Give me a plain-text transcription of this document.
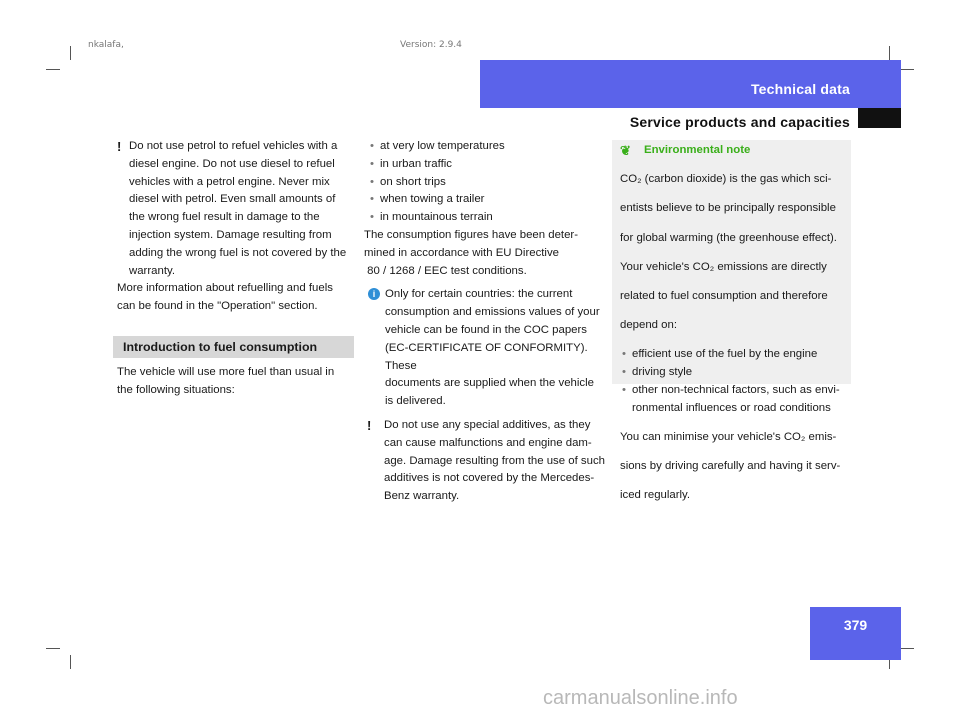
nkalafa,	Version: 2.9.4
Technical data
Service products and capacities
! Do not use petrol to refuel vehicles with a

diesel engine. Do not use diesel to refuel

vehicles with a petrol engine. Never mix

diesel with petrol. Even small amounts of

the wrong fuel result in damage to the

injection system. Damage resulting from

adding the wrong fuel is not covered by the

warranty.

More information about refuelling and fuels

can be found in the "Operation" section.

Introduction to fuel consumption

The vehicle will use more fuel than usual in

the following situations:

• at very low temperatures
• in urban traffic
• on short trips
• when towing a trailer
• in mountainous terrain

The consumption figures have been deter-

mined in accordance with EU Directive

80 / 1268 / EEC test conditions.

i Only for certain countries: the current

consumption and emissions values of your

vehicle can be found in the COC papers

(EC-CERTIFICATE OF CONFORMITY). These

documents are supplied when the vehicle

is delivered.

! Do not use any special additives, as they

can cause malfunctions and engine dam-

age. Damage resulting from the use of such

additives is not covered by the Mercedes-

Benz warranty.

❦ Environmental note

CO₂ (carbon dioxide) is the gas which sci-

entists believe to be principally responsible

for global warming (the greenhouse effect).

Your vehicle's CO₂ emissions are directly

related to fuel consumption and therefore

depend on:

• efficient use of the fuel by the engine
• driving style
• other non-technical factors, such as envi-
ronmental influences or road conditions

You can minimise your vehicle's CO₂ emis-

sions by driving carefully and having it serv-

iced regularly.

379
carmanualsonline.info
